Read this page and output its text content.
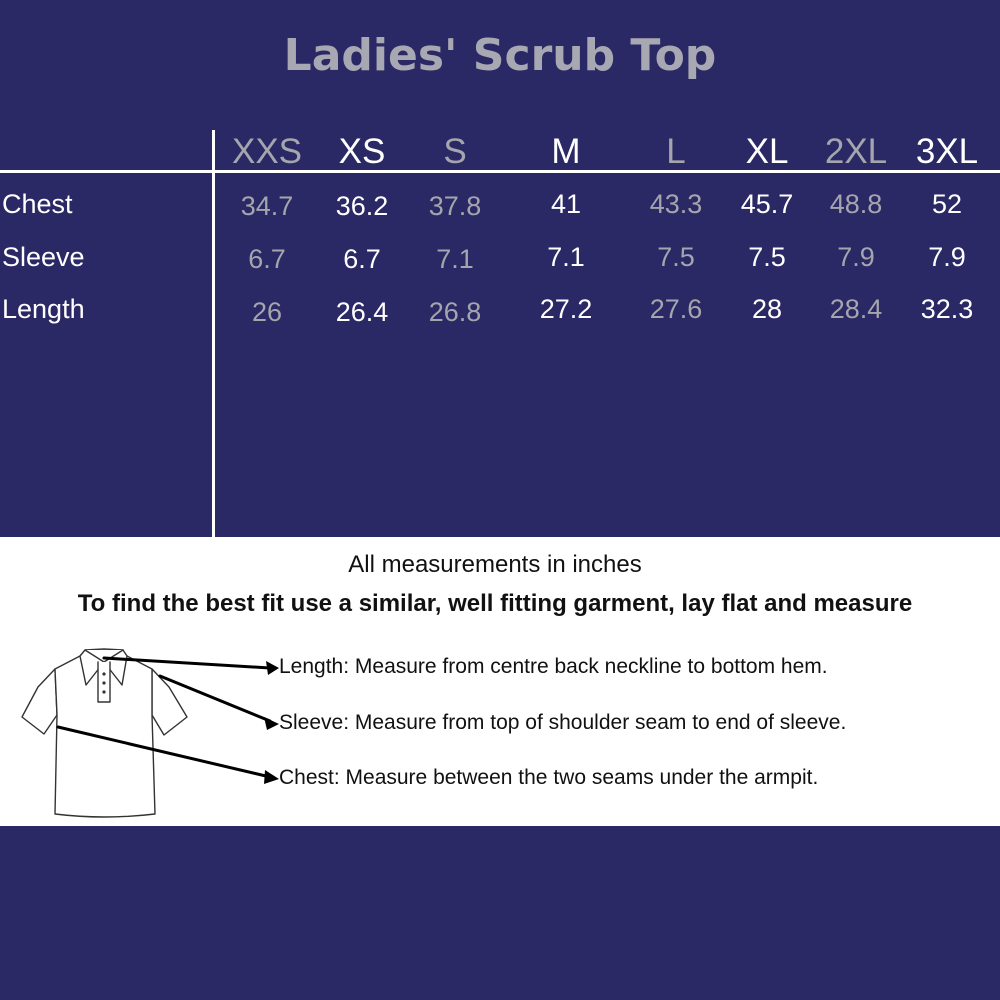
Ladies' Scrub Top
XXS	XS	S	M	L	XL	2XL 3XL
Chest	34.7	36.2	37.8	41	43.3	45.7	48.8	52
Sleeve	6.7	6.7	7.1	7.1	7.5	7.5	7.9	7.9
Length	26	26.4	26.8	27.2	27.6	28	28.4	32.3
All measurements in inches
To find the best fit use a similar, well fitting garment, lay flat and measure
Length: Measure from centre back neckline to bottom hem.
Sleeve: Measure from top of shoulder seam to end of sleeve.
Chest: Measure between the two seams under the armpit.
